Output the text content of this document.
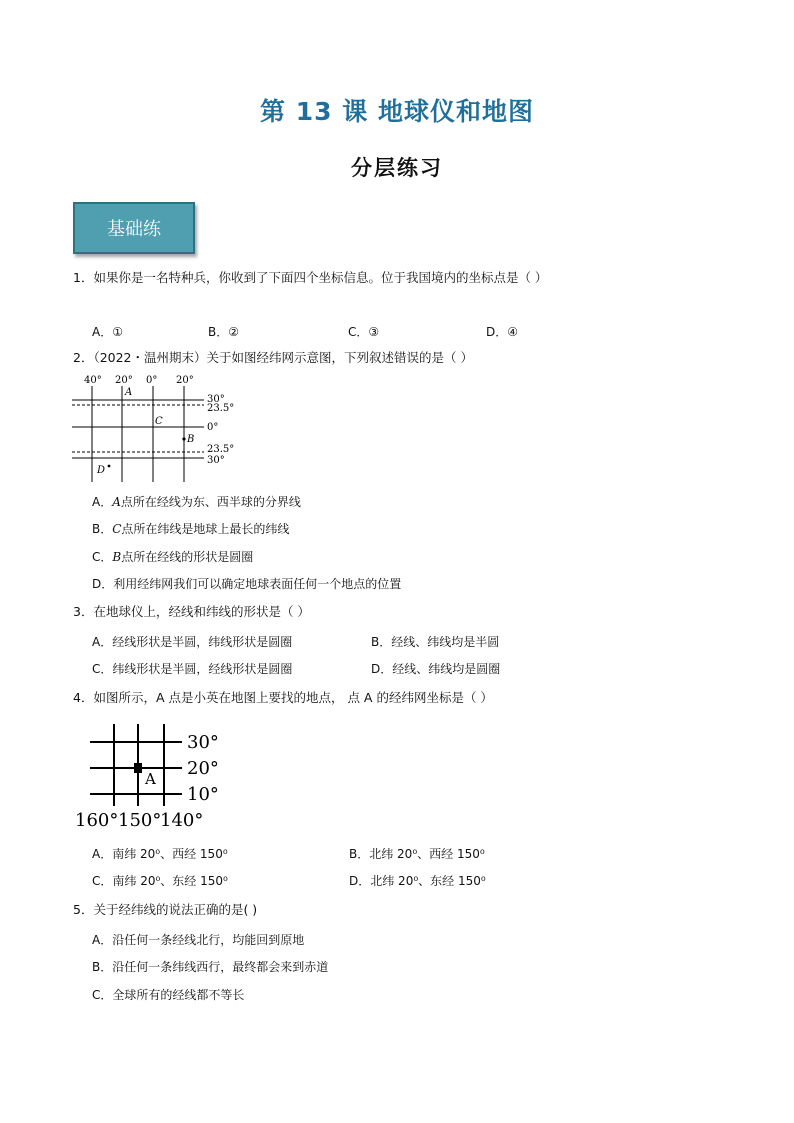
第 13 课 地球仪和地图
分层练习
基础练
1．如果你是一名特种兵，你收到了下面四个坐标信息。位于我国境内的坐标点是（ ）
A．①	B．②	C．③	D．④
2．（2022・温州期末）关于如图经纬网示意图，下列叙述错误的是（ ）
40° 20° 0° 20°
30°
23.5°
0°
23.5°
30°
A
B
C
D
A．A点所在经线为东、西半球的分界线
B．C点所在纬线是地球上最长的纬线
C．B点所在经线的形状是圆圈
D．利用经纬网我们可以确定地球表面任何一个地点的位置
3．在地球仪上，经线和纬线的形状是（ ）
A．经线形状是半圆，纬线形状是圆圈	B．经线、纬线均是半圆
C．纬线形状是半圆，经线形状是圆圈	D．经线、纬线均是圆圈
4．如图所示，A 点是小英在地图上要找的地点， 点 A 的经纬网坐标是（ ）
A
30°
20°
10°
160° 150°
140°
A．南纬 20⁰、西经 150⁰	B．北纬 20⁰、西经 150⁰
C．南纬 20⁰、东经 150⁰	D．北纬 20⁰、东经 150⁰
5．关于经纬线的说法正确的是( )
A．沿任何一条经线北行，均能回到原地
B．沿任何一条纬线西行，最终都会来到赤道
C．全球所有的经线都不等长
